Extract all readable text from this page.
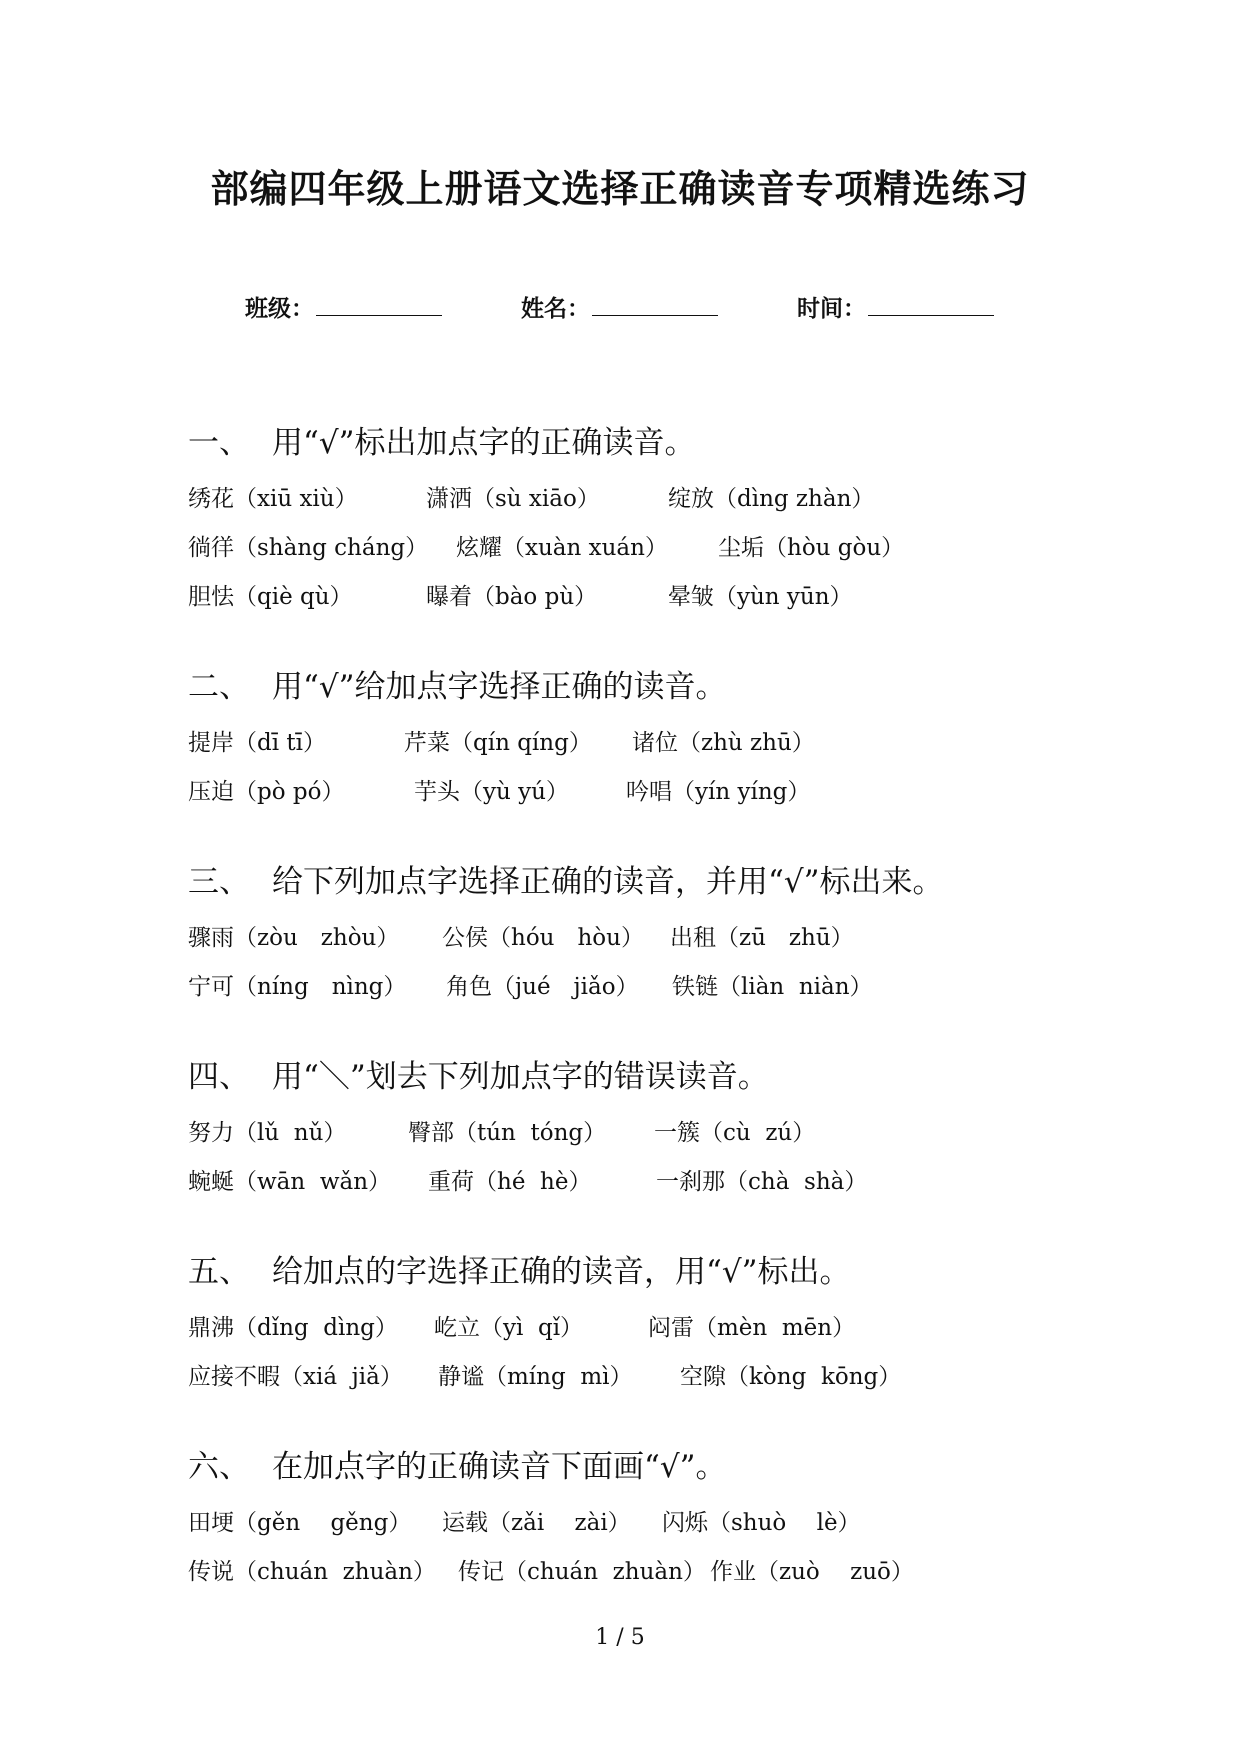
部编四年级上册语文选择正确读音专项精选练习
班级：	姓名：	时间：
一、 用“√”标出加点字的正确读音。
绣花（xiū xiù）	潇洒（sù xiāo）	绽放（dìng zhàn）
徜徉（shàng cháng） 炫耀（xuàn xuán） 尘垢（hòu gòu）
胆怯（qiè qù）	曝着（bào pù）	晕皱（yùn yūn）
二、 用“√”给加点字选择正确的读音。
提岸（dī tī）	芹菜（qín qíng） 诸位（zhù zhū）
压迫（pò pó）	芋头（yù yú） 吟唱（yín yíng）
三、 给下列加点字选择正确的读音，并用“√”标出来。
骤雨（zòu　zhòu） 公侯（hóu　hòu） 出租（zū　zhū）
宁可（níng　nìng） 角色（jué　jiǎo） 铁链（liàn  niàn）
四、 用“＼”划去下列加点字的错误读音。
努力（lǔ  nǔ）	臀部（tún  tóng） 一簇（cù  zú）
蜿蜒（wān  wǎn） 重荷（hé  hè）	一刹那（chà  shà）
五、 给加点的字选择正确的读音，用“√”标出。
鼎沸（dǐng  dìng） 屹立（yì  qǐ）	闷雷（mèn  mēn）
应接不暇（xiá  jiǎ） 静谧（míng  mì） 空隙（kòng  kōng）
六、 在加点字的正确读音下面画“√”。
田埂（gěn　 gěng） 运载（zǎi　 zài） 闪烁（shuò　 lè）
传说（chuán  zhuàn） 传记（chuán  zhuàn） 作业（zuò　 zuō）
1 / 5
